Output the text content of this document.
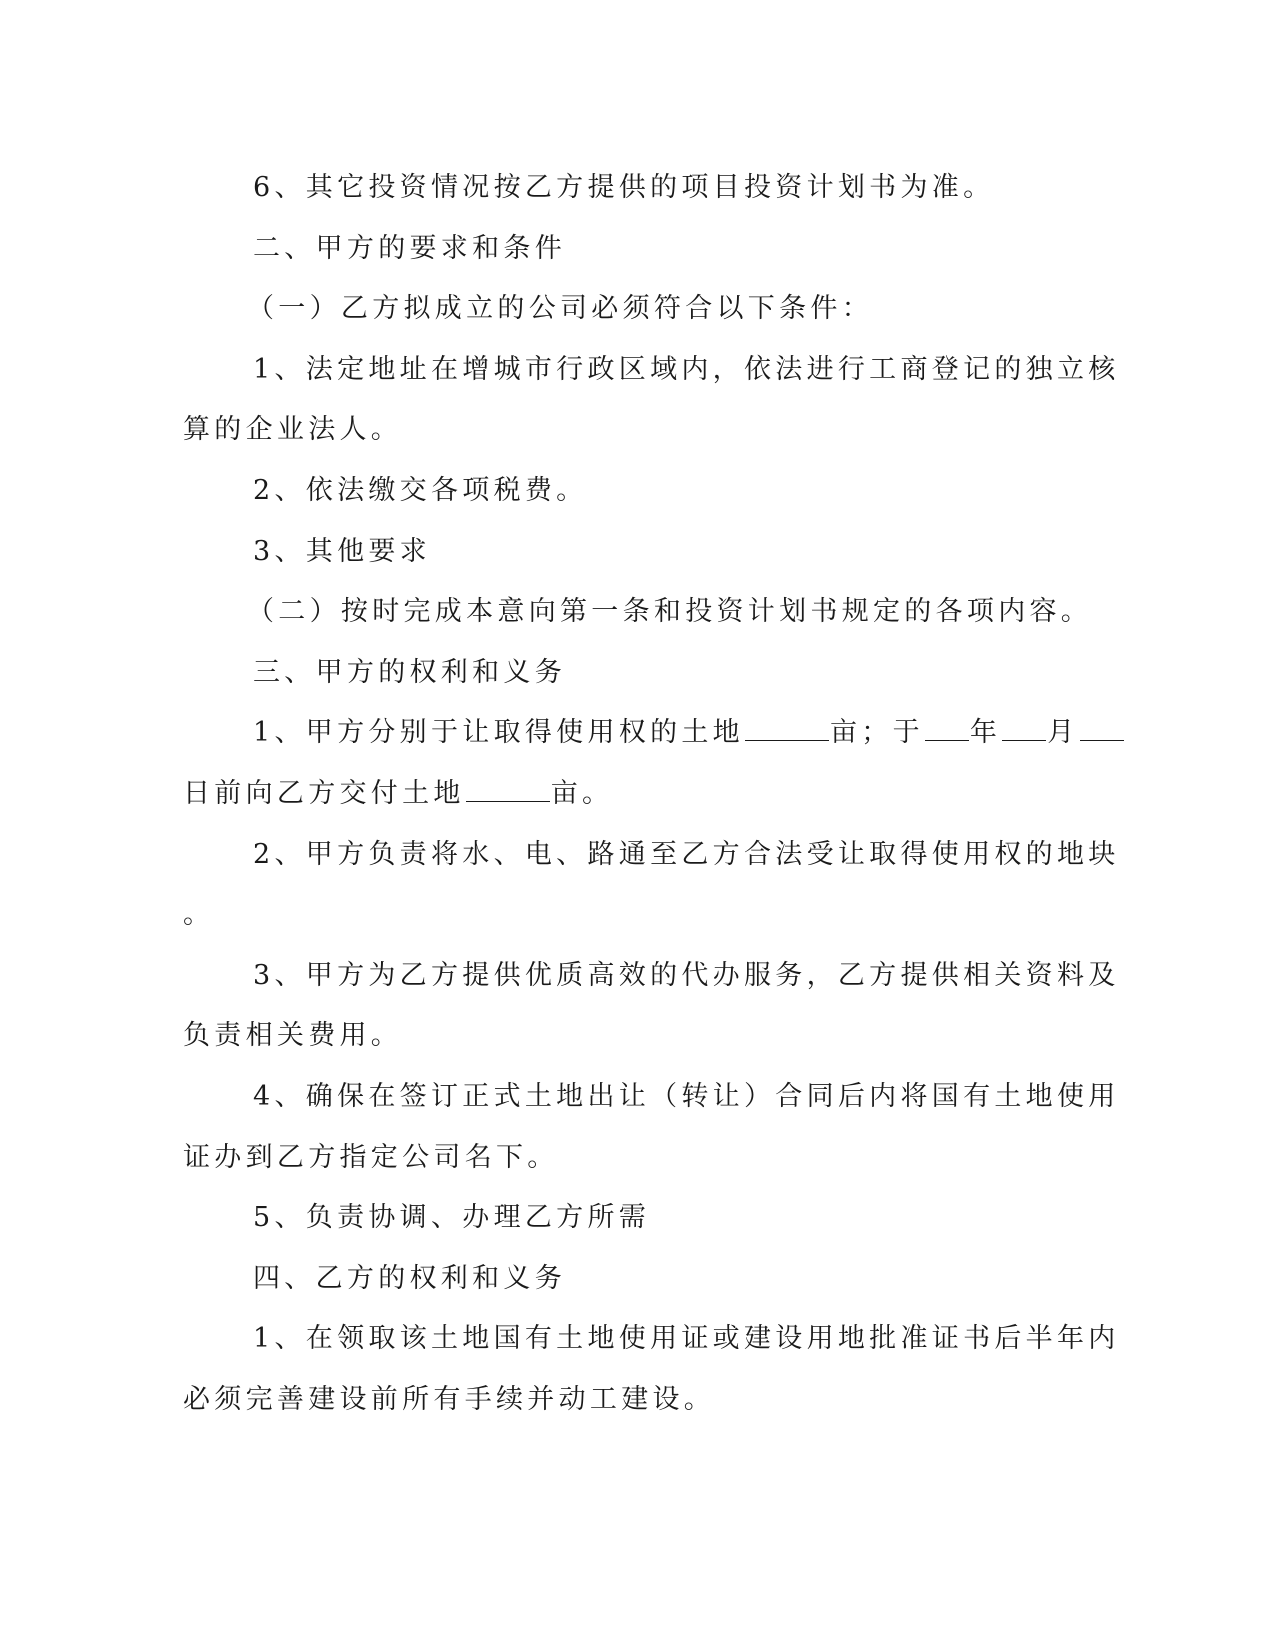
6、其它投资情况按乙方提供的项目投资计划书为准。

二、甲方的要求和条件

（一）乙方拟成立的公司必须符合以下条件：

1、法定地址在增城市行政区域内，依法进行工商登记的独立核

算的企业法人。

2、依法缴交各项税费。

3、其他要求

（二）按时完成本意向第一条和投资计划书规定的各项内容。

三、甲方的权利和义务

1、甲方分别于让取得使用权的土地	亩；于 年 月

日前向乙方交付土地	亩。

2、甲方负责将水、电、路通至乙方合法受让取得使用权的地块

。

3、甲方为乙方提供优质高效的代办服务，乙方提供相关资料及

负责相关费用。

4、确保在签订正式土地出让（转让）合同后内将国有土地使用

证办到乙方指定公司名下。

5、负责协调、办理乙方所需

四、乙方的权利和义务

1、在领取该土地国有土地使用证或建设用地批准证书后半年内

必须完善建设前所有手续并动工建设。
